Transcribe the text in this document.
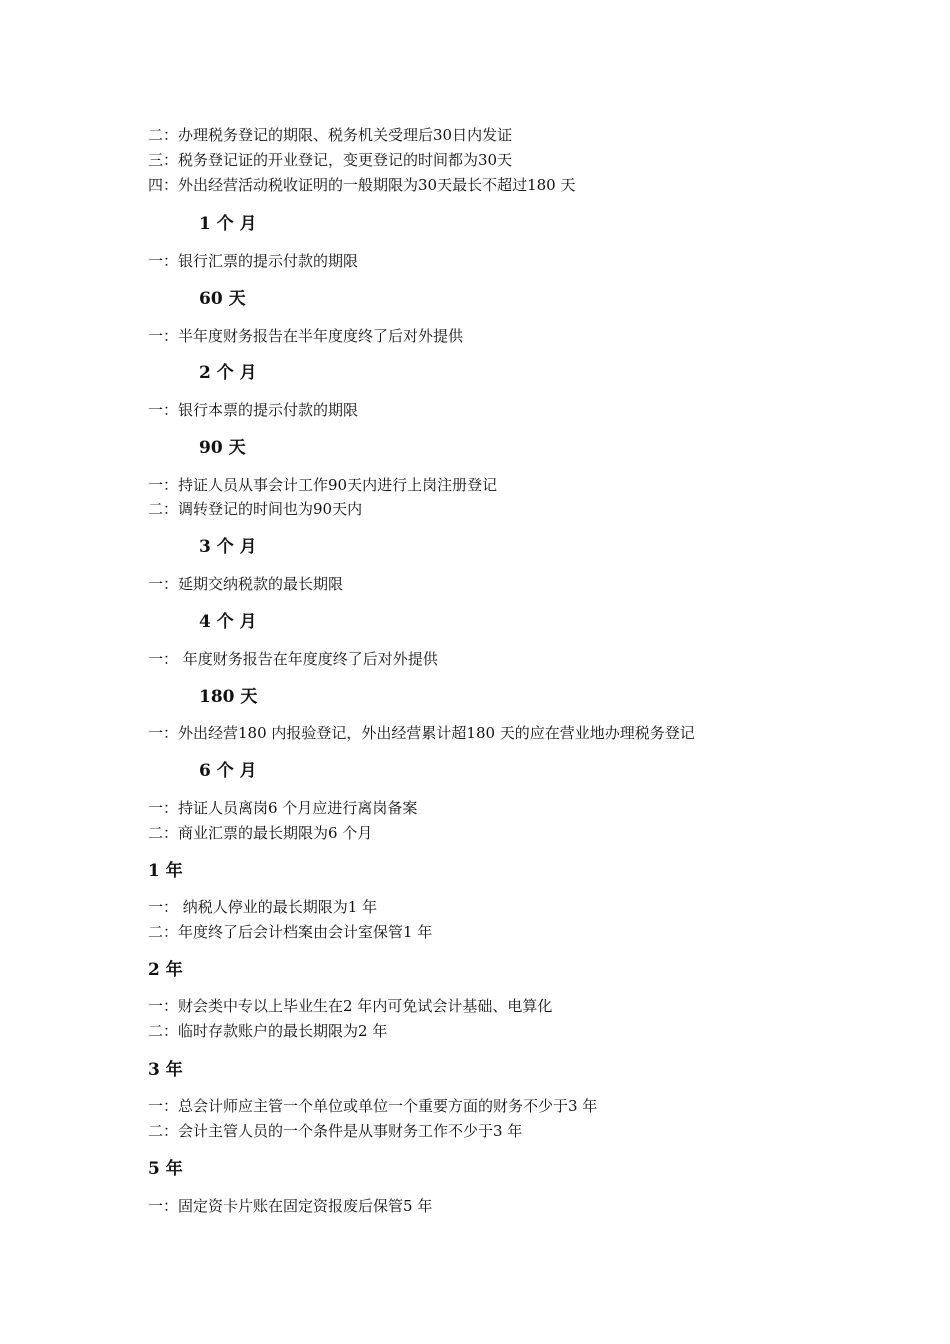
二：办理税务登记的期限、税务机关受理后30日内发证
三：税务登记证的开业登记，变更登记的时间都为30天
四：外出经营活动税收证明的一般期限为30天最长不超过180 天
1 个 月
一：银行汇票的提示付款的期限
60 天
一：半年度财务报告在半年度度终了后对外提供
2 个 月
一：银行本票的提示付款的期限
90 天
一：持证人员从事会计工作90天内进行上岗注册登记
二：调转登记的时间也为90天内
3 个 月
一：延期交纳税款的最长期限
4 个 月
一： 年度财务报告在年度度终了后对外提供
180 天
一：外出经营180 内报验登记，外出经营累计超180 天的应在营业地办理税务登记
6 个 月
一：持证人员离岗6 个月应进行离岗备案
二：商业汇票的最长期限为6 个月
1 年
一： 纳税人停业的最长期限为1 年
二：年度终了后会计档案由会计室保管1 年
2 年
一：财会类中专以上毕业生在2 年内可免试会计基础、电算化
二：临时存款账户的最长期限为2 年
3 年
一：总会计师应主管一个单位或单位一个重要方面的财务不少于3 年
二：会计主管人员的一个条件是从事财务工作不少于3 年
5 年
一：固定资卡片账在固定资报废后保管5 年
